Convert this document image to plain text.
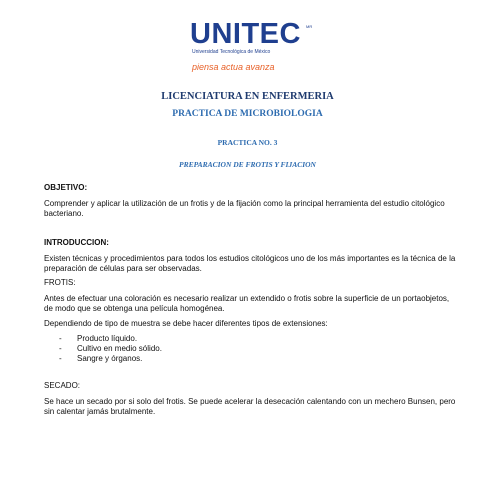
UNITEC MR
Universidad Tecnológica de México
piensa actua avanza
LICENCIATURA EN ENFERMERIA
PRACTICA DE MICROBIOLOGIA
PRACTICA NO. 3
PREPARACION DE FROTIS Y FIJACION
OBJETIVO:
Comprender y aplicar la utilización de un frotis y de la fijación como la principal herramienta del estudio citológico bacteriano.
INTRODUCCION:
Existen técnicas y procedimientos para todos los estudios citológicos uno de los más importantes es la técnica de la preparación de células para ser observadas.
FROTIS:
Antes de efectuar una coloración es necesario realizar un extendido o frotis sobre la superficie de un portaobjetos, de modo que se obtenga una película homogénea.
Dependiendo de tipo de muestra se debe hacer diferentes tipos de extensiones:
- Producto líquido.
- Cultivo en medio sólido.
- Sangre y órganos.
SECADO:
Se hace un secado por si solo del frotis. Se puede acelerar la desecación calentando con un mechero Bunsen, pero sin calentar jamás brutalmente.
